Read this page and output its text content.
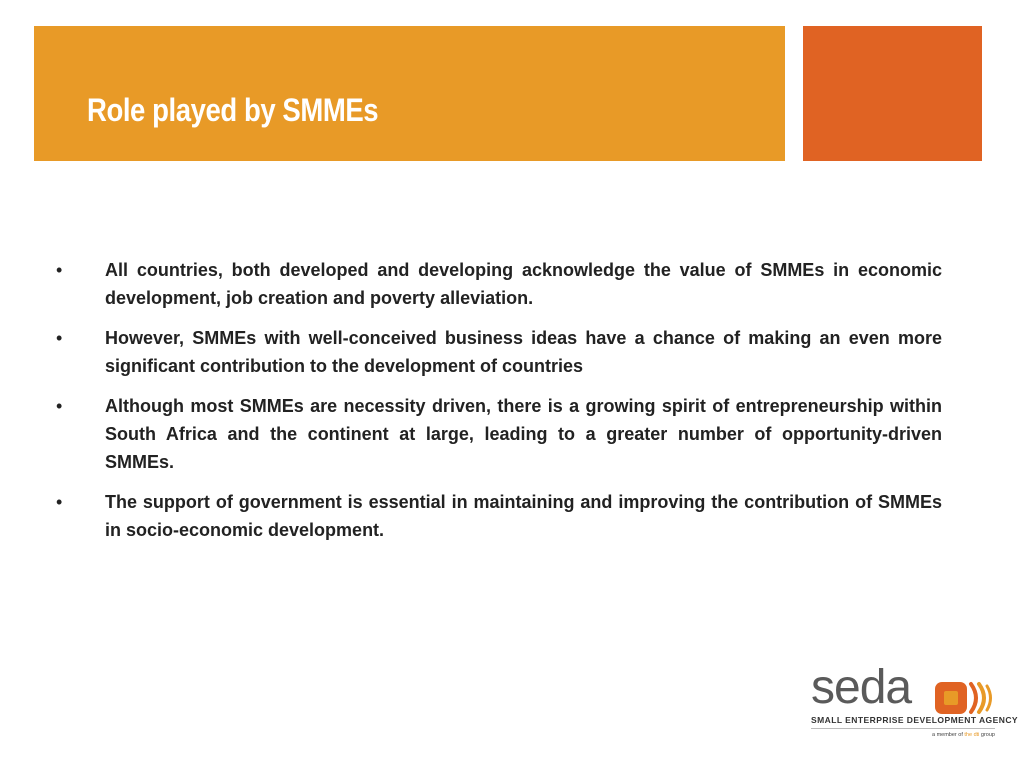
Role played by SMMEs
•	All countries, both developed and developing acknowledge the value of SMMEs in economic development, job creation and poverty alleviation.
•	However, SMMEs with well-conceived business ideas have a chance of making an even more significant contribution to the development of countries
•	Although most SMMEs are necessity driven, there is a growing spirit of entrepreneurship within South Africa and the continent at large, leading to a greater number of opportunity-driven SMMEs.
•	The support of government is essential in maintaining and improving the contribution of SMMEs in socio-economic development.
seda
SMALL ENTERPRISE DEVELOPMENT AGENCY
a member of the dti group
